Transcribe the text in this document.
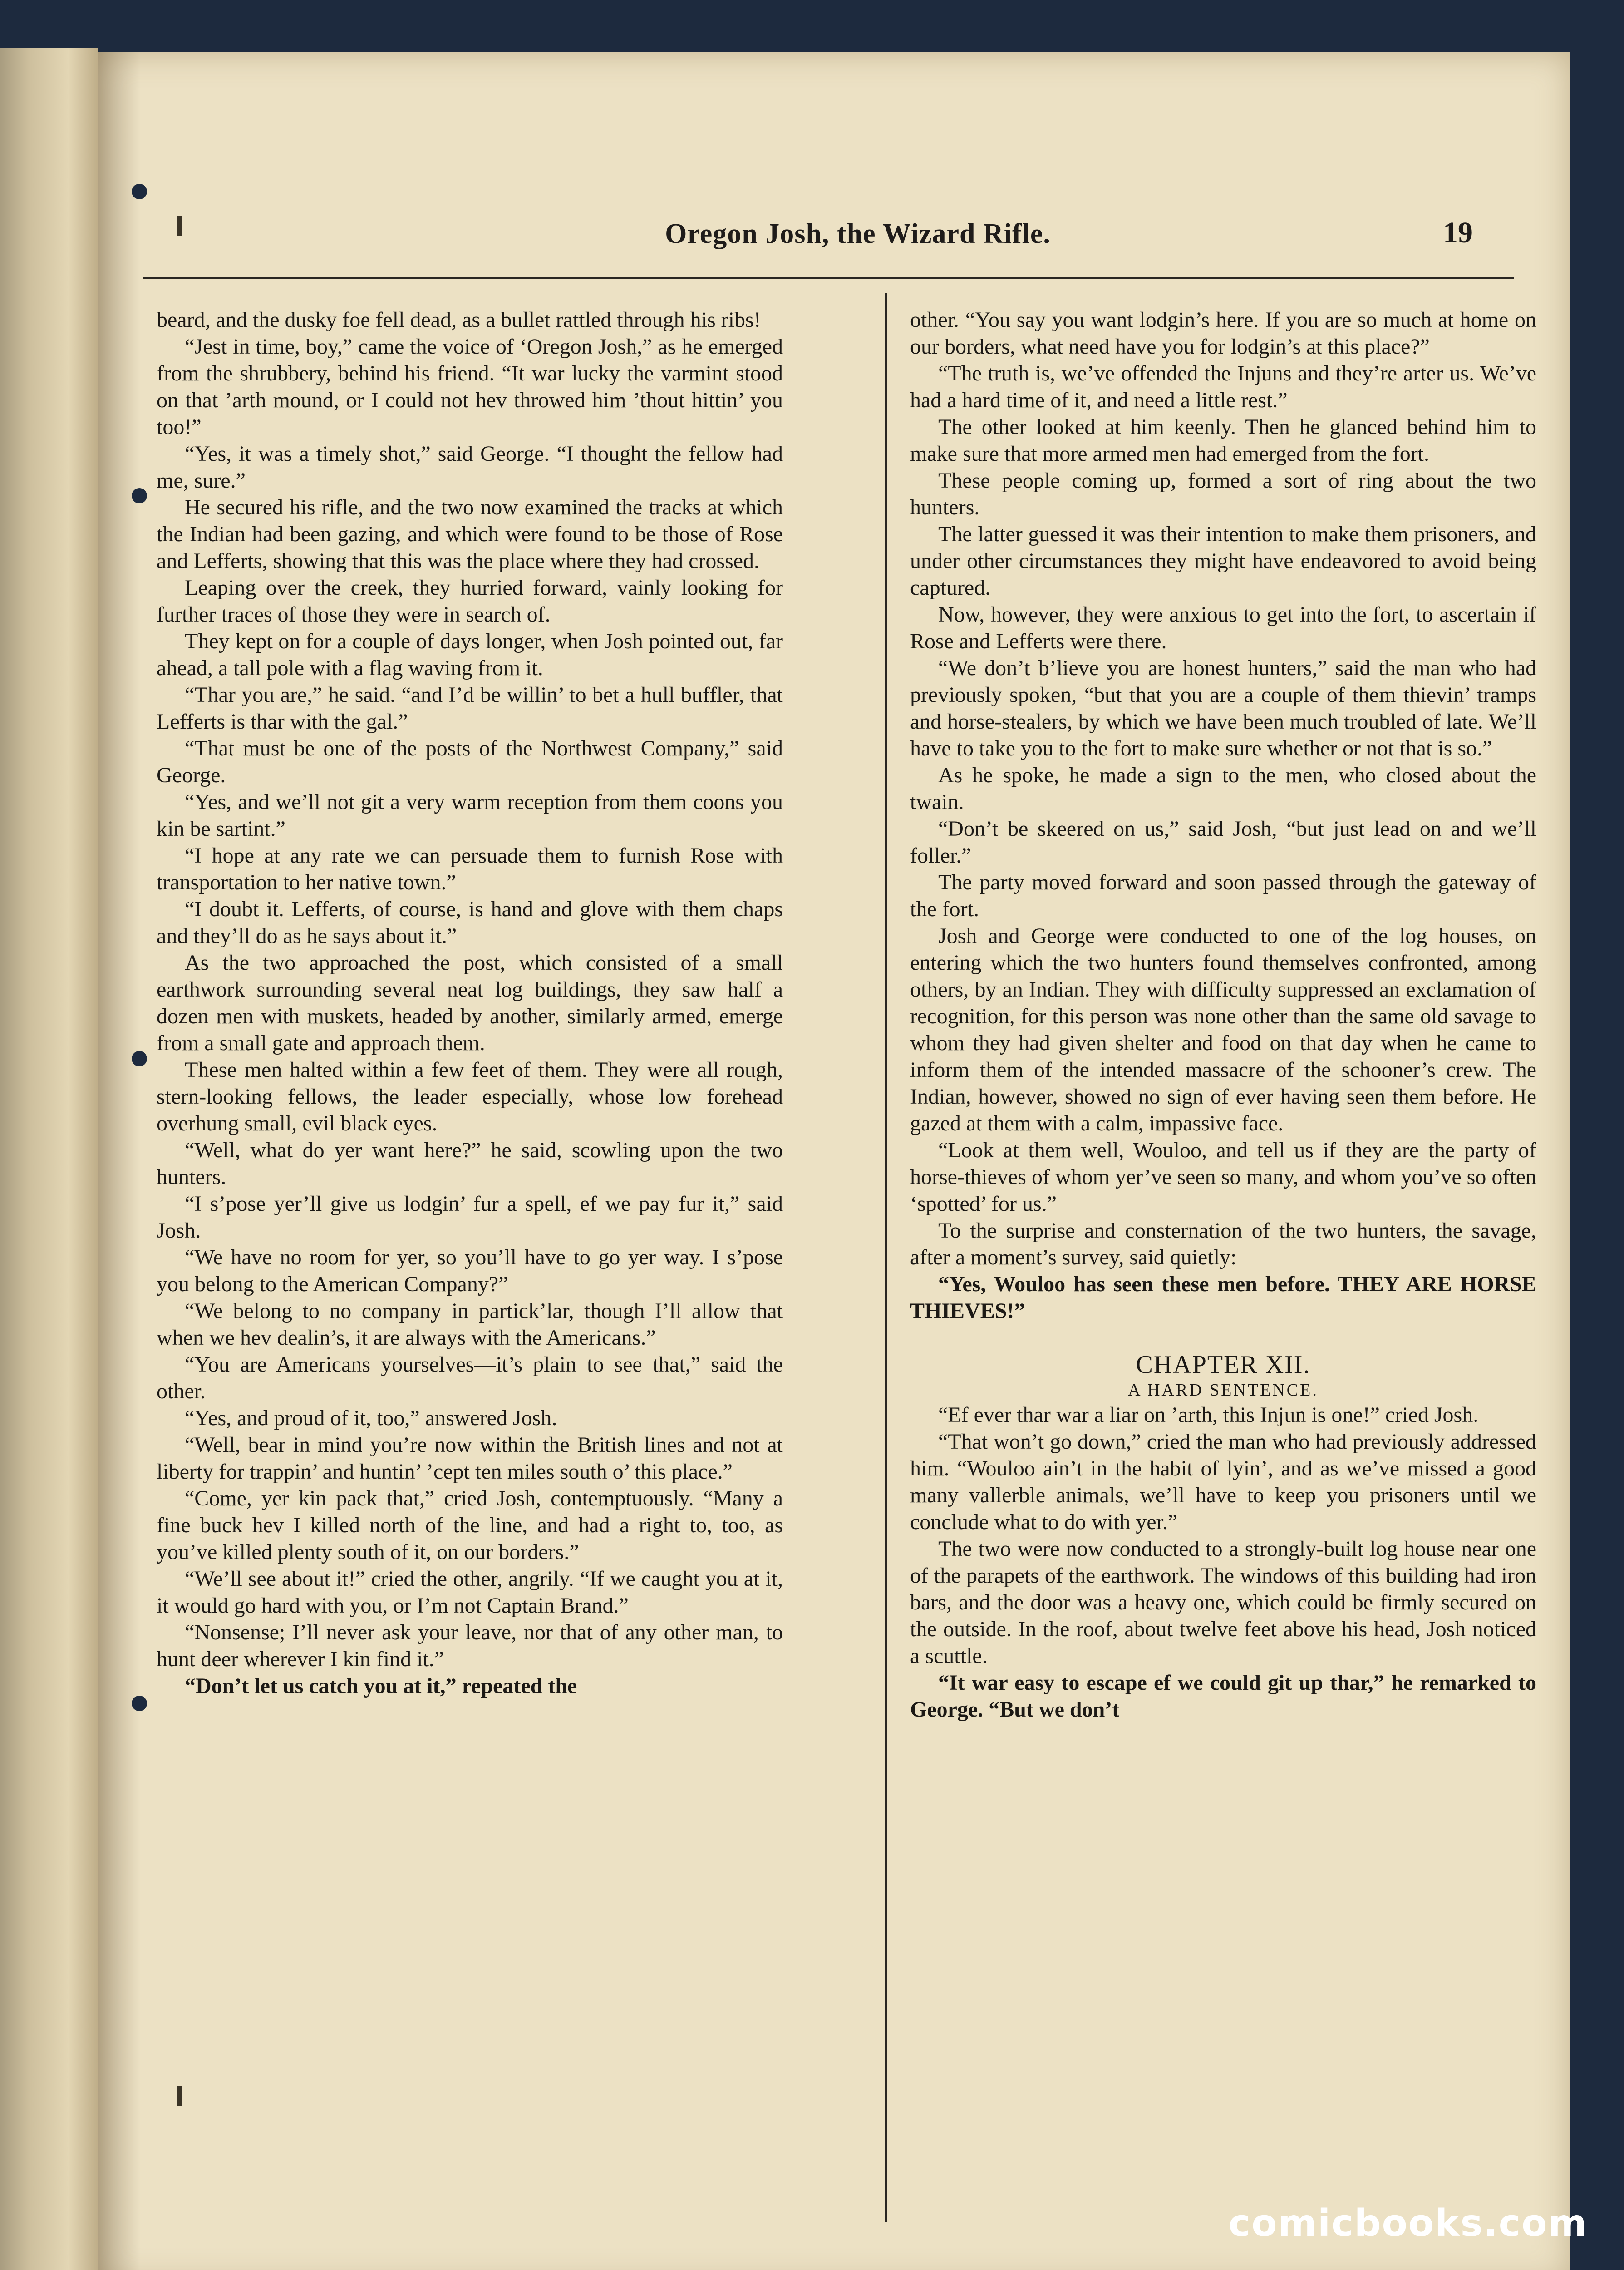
Oregon Josh, the Wizard Rifle.	19

beard, and the dusky foe fell dead, as a bullet rattled through his ribs!

“Jest in time, boy,” came the voice of ‘Oregon Josh,” as he emerged from the shrubbery, behind his friend. “It war lucky the varmint stood on that ’arth mound, or I could not hev throwed him ’thout hittin’ you too!”

“Yes, it was a timely shot,” said George. “I thought the fellow had me, sure.”

He secured his rifle, and the two now examined the tracks at which the Indian had been gazing, and which were found to be those of Rose and Lefferts, showing that this was the place where they had crossed.

Leaping over the creek, they hurried forward, vainly looking for further traces of those they were in search of.

They kept on for a couple of days longer, when Josh pointed out, far ahead, a tall pole with a flag waving from it.

“Thar you are,” he said. “and I’d be willin’ to bet a hull buffler, that Lefferts is thar with the gal.”

“That must be one of the posts of the Northwest Company,” said George.

“Yes, and we’ll not git a very warm reception from them coons you kin be sartint.”

“I hope at any rate we can persuade them to furnish Rose with transportation to her native town.”

“I doubt it. Lefferts, of course, is hand and glove with them chaps and they’ll do as he says about it.”

As the two approached the post, which consisted of a small earthwork surrounding several neat log buildings, they saw half a dozen men with muskets, headed by another, similarly armed, emerge from a small gate and approach them.

These men halted within a few feet of them. They were all rough, stern-looking fellows, the leader especially, whose low forehead overhung small, evil black eyes.

“Well, what do yer want here?” he said, scowling upon the two hunters.

“I s’pose yer’ll give us lodgin’ fur a spell, ef we pay fur it,” said Josh.

“We have no room for yer, so you’ll have to go yer way. I s’pose you belong to the American Company?”

“We belong to no company in partick’lar, though I’ll allow that when we hev dealin’s, it are always with the Americans.”

“You are Americans yourselves—it’s plain to see that,” said the other.

“Yes, and proud of it, too,” answered Josh.

“Well, bear in mind you’re now within the British lines and not at liberty for trappin’ and huntin’ ’cept ten miles south o’ this place.”

“Come, yer kin pack that,” cried Josh, contemptuously. “Many a fine buck hev I killed north of the line, and had a right to, too, as you’ve killed plenty south of it, on our borders.”

“We’ll see about it!” cried the other, angrily. “If we caught you at it, it would go hard with you, or I’m not Captain Brand.”

“Nonsense; I’ll never ask your leave, nor that of any other man, to hunt deer wherever I kin find it.”

“Don’t let us catch you at it,” repeated the

other. “You say you want lodgin’s here. If you are so much at home on our borders, what need have you for lodgin’s at this place?”

“The truth is, we’ve offended the Injuns and they’re arter us. We’ve had a hard time of it, and need a little rest.”

The other looked at him keenly. Then he glanced behind him to make sure that more armed men had emerged from the fort.

These people coming up, formed a sort of ring about the two hunters.

The latter guessed it was their intention to make them prisoners, and under other circumstances they might have endeavored to avoid being captured.

Now, however, they were anxious to get into the fort, to ascertain if Rose and Lefferts were there.

“We don’t b’lieve you are honest hunters,” said the man who had previously spoken, “but that you are a couple of them thievin’ tramps and horse-stealers, by which we have been much troubled of late. We’ll have to take you to the fort to make sure whether or not that is so.”

As he spoke, he made a sign to the men, who closed about the twain.

“Don’t be skeered on us,” said Josh, “but just lead on and we’ll foller.”

The party moved forward and soon passed through the gateway of the fort.

Josh and George were conducted to one of the log houses, on entering which the two hunters found themselves confronted, among others, by an Indian. They with difficulty suppressed an exclamation of recognition, for this person was none other than the same old savage to whom they had given shelter and food on that day when he came to inform them of the intended massacre of the schooner’s crew. The Indian, however, showed no sign of ever having seen them before. He gazed at them with a calm, impassive face.

“Look at them well, Wouloo, and tell us if they are the party of horse-thieves of whom yer’ve seen so many, and whom you’ve so often ‘spotted’ for us.”

To the surprise and consternation of the two hunters, the savage, after a moment’s survey, said quietly:

“Yes, Wouloo has seen these men before. THEY ARE HORSE THIEVES!”

CHAPTER XII.
A HARD SENTENCE.

“Ef ever thar war a liar on ’arth, this Injun is one!” cried Josh.

“That won’t go down,” cried the man who had previously addressed him. “Wouloo ain’t in the habit of lyin’, and as we’ve missed a good many vallerble animals, we’ll have to keep you prisoners until we conclude what to do with yer.”

The two were now conducted to a strongly-built log house near one of the parapets of the earthwork. The windows of this building had iron bars, and the door was a heavy one, which could be firmly secured on the outside. In the roof, about twelve feet above his head, Josh noticed a scuttle.

“It war easy to escape ef we could git up thar,” he remarked to George. “But we don’t

comicbooks.com
